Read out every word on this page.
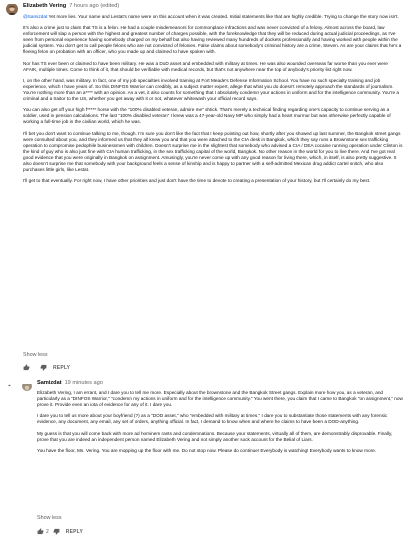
Elizabeth Vering 7 hours ago (edited)

@Samizdat Yet more lies. Your name and Lestat's name were on this account when it was created. Initial statements like that are highly credible. Trying to change the story now isn't.

It's also a crime just to claim that TS is a felon. He had a couple misdemeanors for commonplace infractions and was never convicted of a felony. Almost across the board, law enforcement will slap a person with the highest and greatest number of charges possible, with the foreknowledge that they will be reduced during actual judicial proceedings, as I've seen from personal experience having somebody charged on my behalf but also having reviewed many hundreds of dockets professionally and having worked with people within the judicial system. You don't get to call people felons who are not convicted of felonies. False claims about somebody's criminal history are a crime, Steven. As are your claims that he's a fleeing felon on probation with an officer, who you made up and claimed to have spoken with.

Nor has TS ever been or claimed to have been military. He was a DoD asset and embedded with military at times. He was also wounded overseas far worse than you ever were AFAIK, multiple times. Come to think of it, that should be verifiable with medical records, but that's not anywhere near the top of anybody's priority list right now.

I, on the other hand, was military. In fact, one of my job specialties involved training at Fort Meade's Defense Information School. You have no such specialty training and job experience, which I have years of. So this DINFOS Warrior can credibly, as a subject matter expert, allege that what you do doesn't remotely approach the standards of journalism. You're nothing more than an a**** with an opinion. As a vet, it also counts for something that I absolutely condemn your actions in uniform and for the intelligence community. You're a criminal and a traitor to the US, whether you get away with it or not, whatever whitewash your official record says.

You can also get off your high f***** horse with the "100% disabled veteran, admire me" shtick. That's merely a technical finding regarding one's capacity to continue serving as a soldier, used in pension calculations. The last "100% disabled veteran" I knew was a 47-year-old Navy MP who simply had a heart murmur but was otherwise perfectly capable of working a full-time job in the civilian world, which he was.

I'll bet you don't want to continue talking to me, though. I'm sure you don't like the fact that I keep pointing out how, shortly after you showed up last summer, the Bangkok street gangs were consulted about you, and they informed us that they all knew you and that you were attached to the CIA desk in Bangkok, which they say runs a Brownstone sex trafficking operation to compromise pedophile businessmen with children. Doesn't surprise me in the slightest that somebody who advised a CIA / DEA cocaine running operation under Clinton is the kind of guy who is also just fine with CIA human trafficking, in the sex trafficking capital of the world, Bangkok. No other reason in the world for you to live there. And I've got real good evidence that you were originally in Bangkok on assignment. Amusingly, you're never come up with any good reason for living there, which, in itself, is also pretty suggestive. It also doesn't surprise me that somebody with your background feels a sense of kinship and is happy to partner with a self-admitted Mexican drug addict cartel snitch, who also purchases little girls, like Lestat.

I'll get to that eventually. For right now, I have other priorities and just don't have the time to devote to creating a presentation of your history, but I'll certainly do my best.

Show less
REPLY
Samizdat 19 minutes ago

Elizabeth Vering, I am errant, and I dare you to tell me more. Especially about the brownstone and the Bangkok Street gangs. Explain more how you, as a veteran, and particularly as a "DINFOS Warrior," "condemn my actions in uniform and for the intelligence community." You went there, you claim that I came to Bangkok "on assignment," now prove it. Provide even an iota of evidence for any of it. I dare you.

I dare you to tell us more about your boyfriend (?) as a "DOD asset," who "embedded with military at times." I dare you to substantiate those statements with any forensic evidence, any document, any email, any set of orders, anything official. In fact, I demand to know when and where he claims to have been a DOD-anything.

My guess is that you will come back with more ad hominem rants and condemnations. Because your statements, virtually all of them, are demonstrably disprovable. Finally, prove that you are indeed an independent person named Elizabeth Vering and not simply another sock account for the Belial of Liars.

You have the floor, Ms. Vering. You are mopping up the floor with me. Do not stop now. Please do continue! Everybody is watching! Everybody wants to know more.

Show less
2	REPLY
